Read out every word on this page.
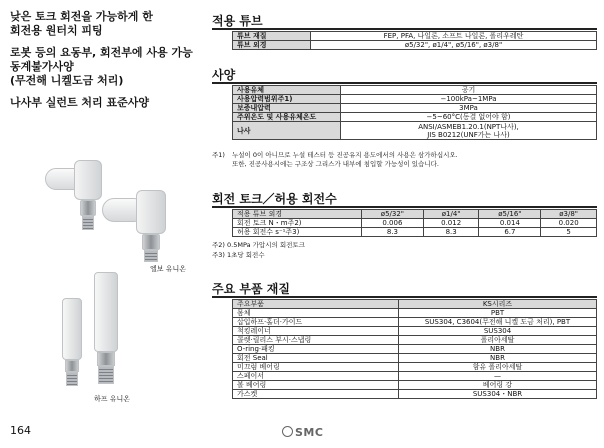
낮은 토크 회전을 가능하게 한
회전용 원터치 피팅
로봇 등의 요동부, 회전부에 사용 가능
동계불가사양
(무전해 니켈도금 처리)
나사부 실런트 처리 표준사양
엘보 유니온
하프 유니온
적용 튜브
튜브 재질	FEP, PFA, 나일론, 소프트 나일론, 폴리우레탄
튜브 외경	ø5/32", ø1/4", ø5/16", ø3/8"
사양
사용유체	공기
사용압력범위주1)	−100kPa~1MPa
보증내압력	3MPa
주위온도 및 사용유체온도	−5~60°C(동결 없어야 함)
나사	ANSI/ASMEB1.20.1(NPT나사),
JIS B0212(UNF가는 나사)
주1) 누설이 0이 아니므로 누설 테스터 등 진공유지 용도에서의 사용은 삼가하십시오.
또한, 진공사용시에는 구조상 그리스가 내부에 침입할 가능성이 있습니다.
회전 토크／허용 회전수
적용 튜브 외경	ø5/32"	ø1/4"	ø5/16"	ø3/8"
회전 토크 N・m주2)	0.006	0.012	0.014	0.020
허용 회전수 s⁻¹주3)	8.3	8.3	6.7	5
주2) 0.5MPa 가압시의 회전토크
주3) 1초당 회전수
주요 부품 재질
주요부품	KS시리즈
몸체	PBT
삽입하프·홀더·가이드	SUS304, C3604(무전해 니켈 도금 처리), PBT
척킹레이너	SUS304
콜렛·릴리스 부시·스냅링	폴리아세탈
O-ring·패킹	NBR
회전 Seal	NBR
미끄럼 베어링	함유 폴리아세탈
스페이서	—
볼 베어링	베어링 강
가스켓	SUS304・NBR
164	SMC
